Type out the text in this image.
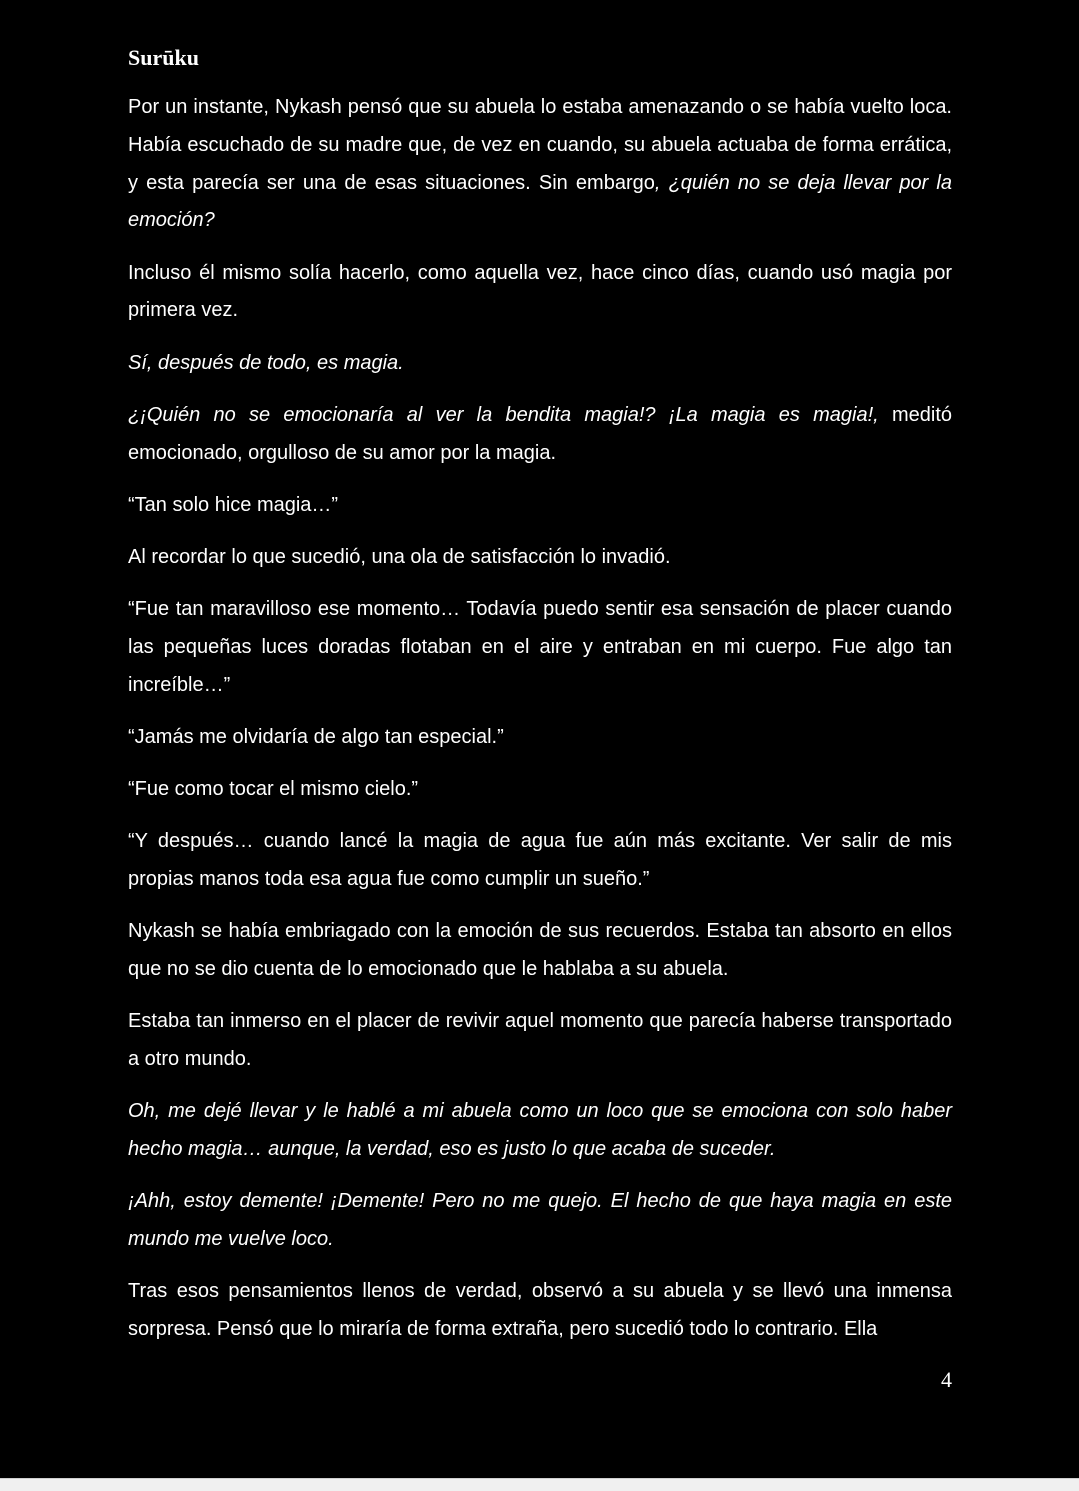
Surūku

Por un instante, Nykash pensó que su abuela lo estaba amenazando o se había vuelto loca. Había escuchado de su madre que, de vez en cuando, su abuela actuaba de forma errática, y esta parecía ser una de esas situaciones. Sin embargo, ¿quién no se deja llevar por la emoción?

Incluso él mismo solía hacerlo, como aquella vez, hace cinco días, cuando usó magia por primera vez.

Sí, después de todo, es magia.

¿¡Quién no se emocionaría al ver la bendita magia!? ¡La magia es magia!, meditó emocionado, orgulloso de su amor por la magia.

“Tan solo hice magia…”

Al recordar lo que sucedió, una ola de satisfacción lo invadió.

“Fue tan maravilloso ese momento… Todavía puedo sentir esa sensación de placer cuando las pequeñas luces doradas flotaban en el aire y entraban en mi cuerpo. Fue algo tan increíble…”

“Jamás me olvidaría de algo tan especial.”

“Fue como tocar el mismo cielo.”

“Y después… cuando lancé la magia de agua fue aún más excitante. Ver salir de mis propias manos toda esa agua fue como cumplir un sueño.”

Nykash se había embriagado con la emoción de sus recuerdos. Estaba tan absorto en ellos que no se dio cuenta de lo emocionado que le hablaba a su abuela.

Estaba tan inmerso en el placer de revivir aquel momento que parecía haberse transportado a otro mundo.

Oh, me dejé llevar y le hablé a mi abuela como un loco que se emociona con solo haber hecho magia… aunque, la verdad, eso es justo lo que acaba de suceder.

¡Ahh, estoy demente! ¡Demente! Pero no me quejo. El hecho de que haya magia en este mundo me vuelve loco.

Tras esos pensamientos llenos de verdad, observó a su abuela y se llevó una inmensa sorpresa. Pensó que lo miraría de forma extraña, pero sucedió todo lo contrario. Ella

4
